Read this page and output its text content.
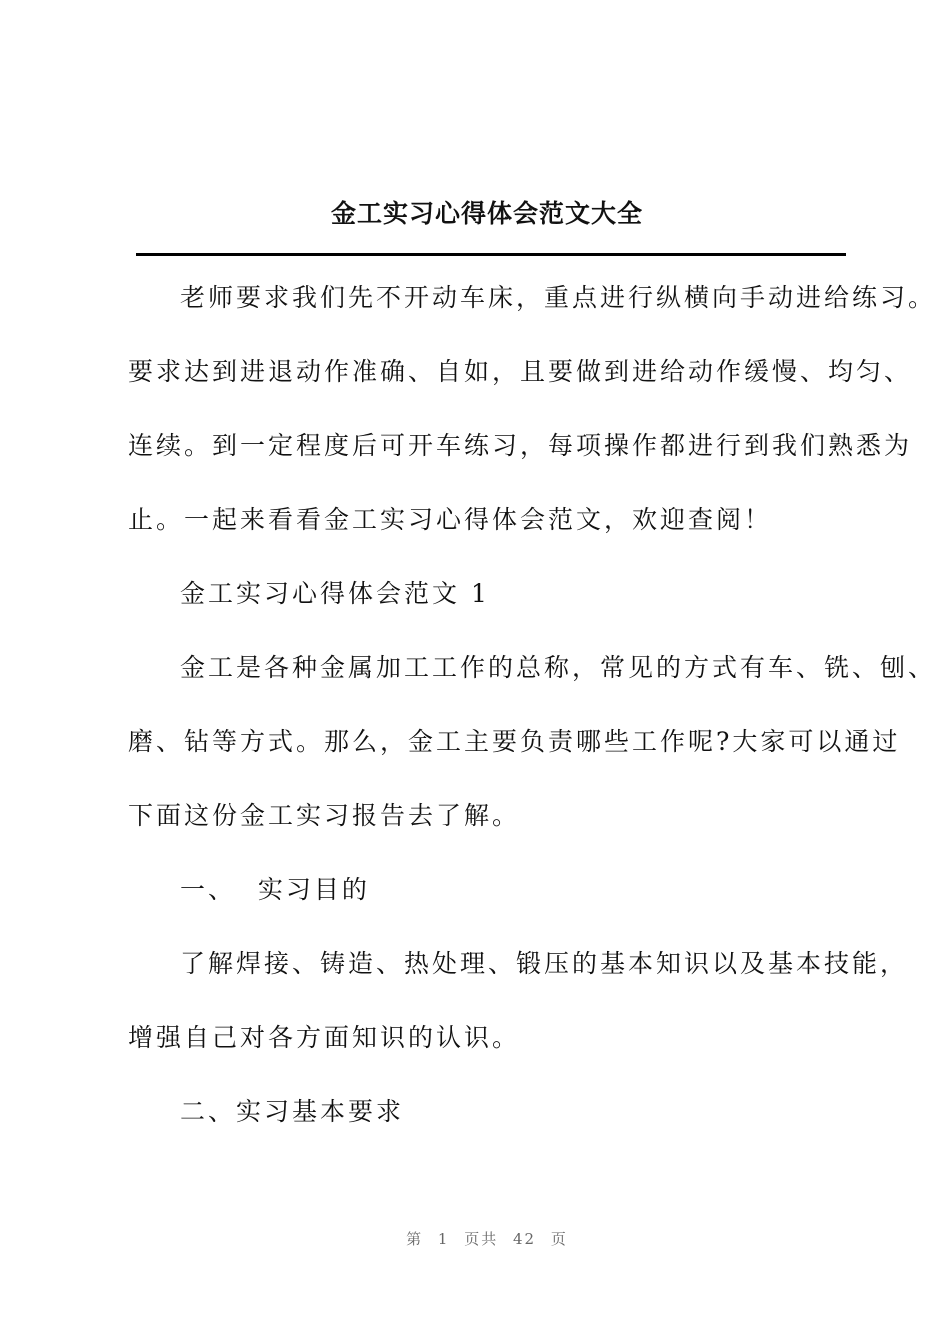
金工实习心得体会范文大全
老师要求我们先不开动车床，重点进行纵横向手动进给练习。
要求达到进退动作准确、自如，且要做到进给动作缓慢、均匀、
连续。到一定程度后可开车练习，每项操作都进行到我们熟悉为
止。一起来看看金工实习心得体会范文，欢迎查阅！
金工实习心得体会范文 1
金工是各种金属加工工作的总称，常见的方式有车、铣、刨、
磨、钻等方式。那么，金工主要负责哪些工作呢?大家可以通过
下面这份金工实习报告去了解。
一、  实习目的
了解焊接、铸造、热处理、锻压的基本知识以及基本技能，
增强自己对各方面知识的认识。
二、实习基本要求
第 1 页共 42 页
